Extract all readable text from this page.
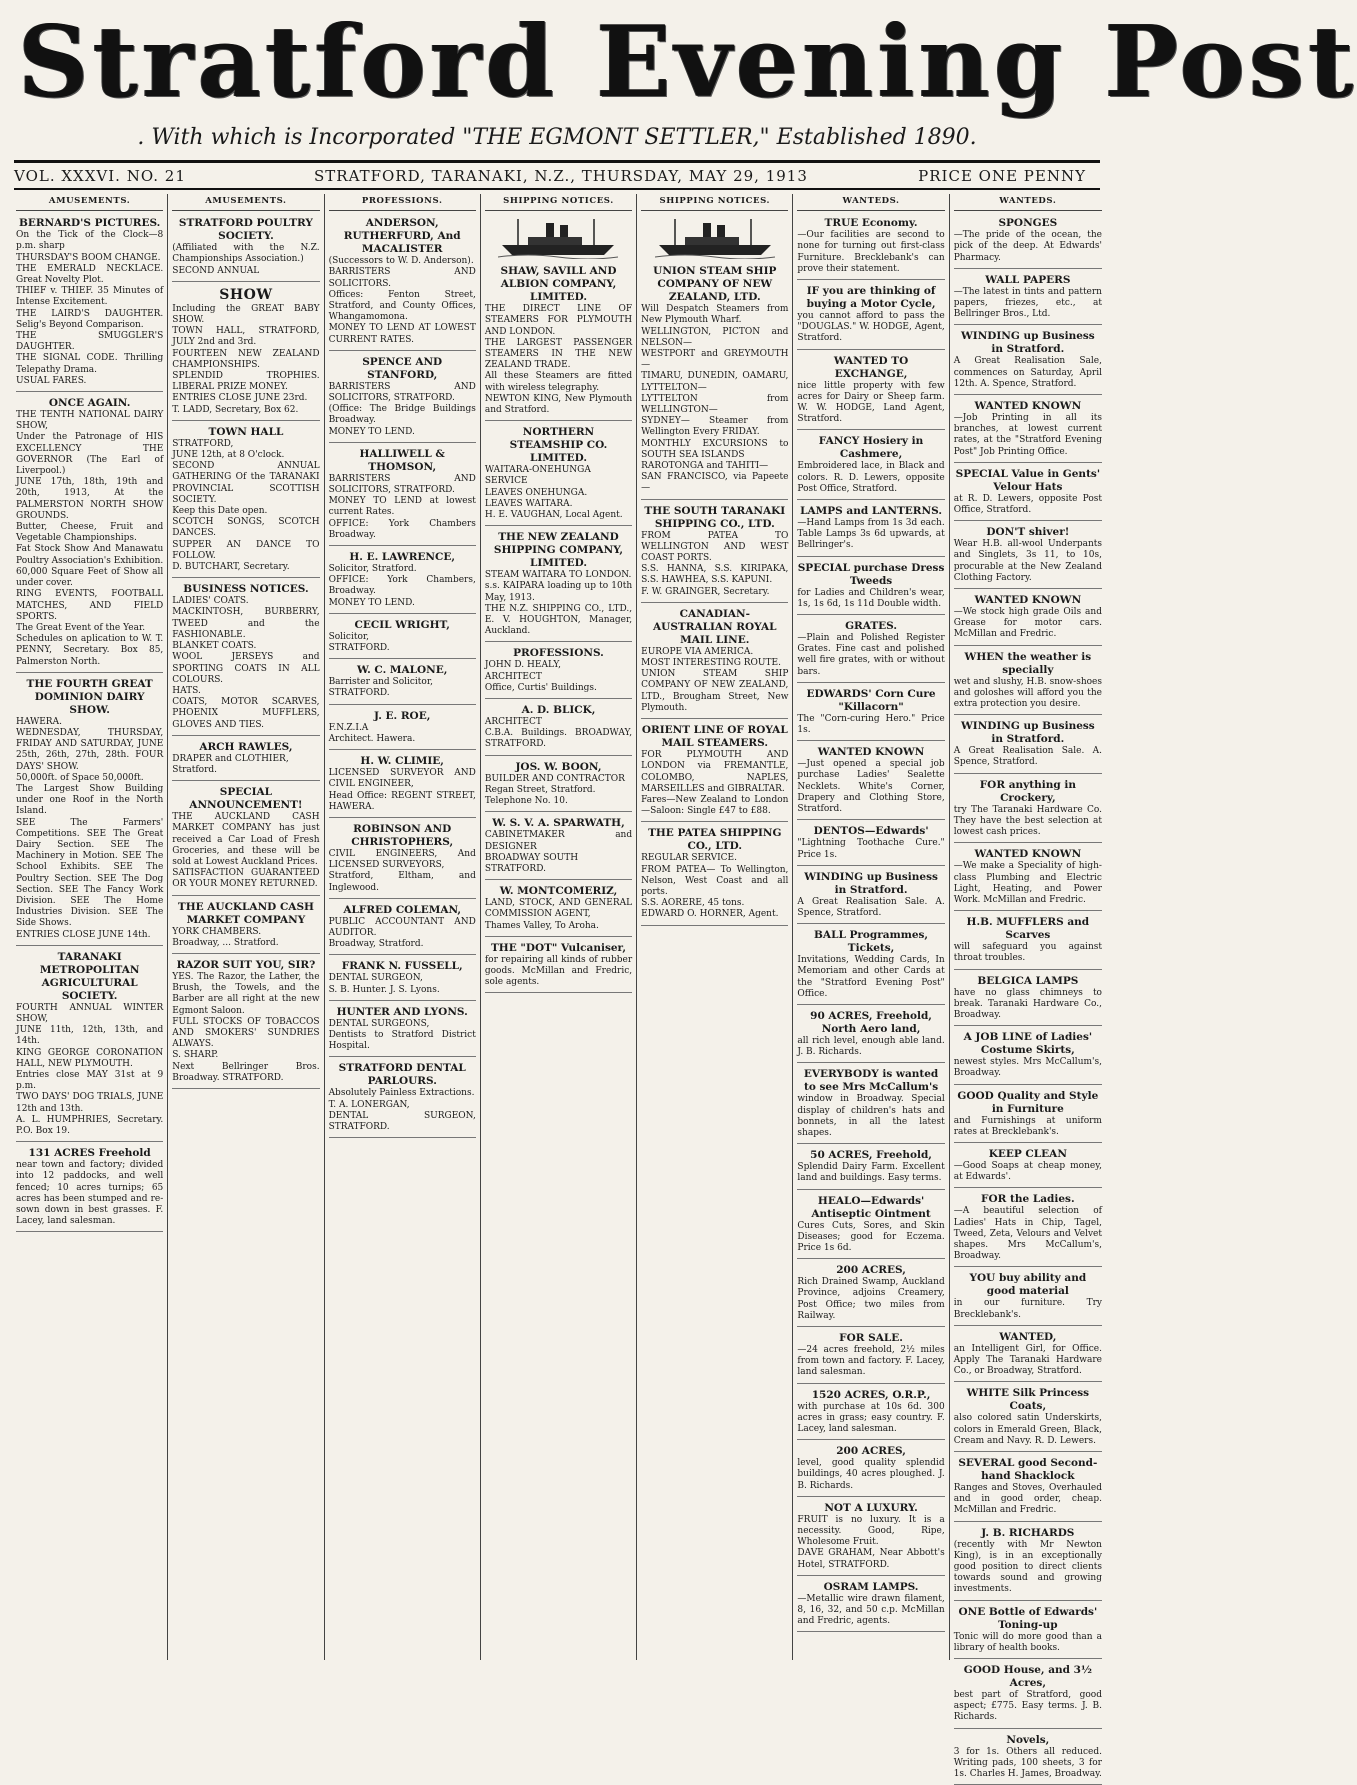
Stratford Evening Post
. With which is Incorporated "THE EGMONT SETTLER," Established 1890.
VOL. XXXVI. NO. 21	STRATFORD, TARANAKI, N.Z., THURSDAY, MAY 29, 1913	PRICE ONE PENNY
AMUSEMENTS.
BERNARD'S PICTURES.

On the Tick of the Clock—8 p.m. sharp

THURSDAY'S BOOM CHANGE.

THE EMERALD NECKLACE. Great Novelty Plot.

THIEF v. THIEF. 35 Minutes of Intense Excitement.

THE LAIRD'S DAUGHTER. Selig's Beyond Comparison.

THE SMUGGLER'S DAUGHTER.

THE SIGNAL CODE. Thrilling Telepathy Drama.

USUAL FARES.

ONCE AGAIN.

THE TENTH NATIONAL DAIRY SHOW,

Under the Patronage of HIS EXCELLENCY THE GOVERNOR (The Earl of Liverpool.)

JUNE 17th, 18th, 19th and 20th, 1913, At the PALMERSTON NORTH SHOW GROUNDS.

Butter, Cheese, Fruit and Vegetable Championships.

Fat Stock Show And Manawatu Poultry Association's Exhibition.

60,000 Square Feet of Show all under cover.

RING EVENTS, FOOTBALL MATCHES, AND FIELD SPORTS.

The Great Event of the Year.

Schedules on aplication to W. T. PENNY, Secretary. Box 85, Palmerston North.

THE FOURTH GREAT DOMINION DAIRY SHOW.

HAWERA.

WEDNESDAY, THURSDAY, FRIDAY AND SATURDAY, JUNE 25th, 26th, 27th, 28th. FOUR DAYS' SHOW.

50,000ft. of Space 50,000ft.

The Largest Show Building under one Roof in the North Island.

SEE The Farmers' Competitions. SEE The Great Dairy Section. SEE The Machinery in Motion. SEE The School Exhibits. SEE The Poultry Section. SEE The Dog Section. SEE The Fancy Work Division. SEE The Home Industries Division. SEE The Side Shows.

ENTRIES CLOSE JUNE 14th.

TARANAKI METROPOLITAN AGRICULTURAL SOCIETY.

FOURTH ANNUAL WINTER SHOW,

JUNE 11th, 12th, 13th, and 14th.

KING GEORGE CORONATION HALL, NEW PLYMOUTH.

Entries close MAY 31st at 9 p.m.

TWO DAYS' DOG TRIALS, JUNE 12th and 13th.

A. L. HUMPHRIES, Secretary. P.O. Box 19.

131 ACRES Freehold

near town and factory; divided into 12 paddocks, and well fenced; 10 acres turnips; 65 acres has been stumped and re-sown down in best grasses. F. Lacey, land salesman.

AMUSEMENTS.
STRATFORD POULTRY SOCIETY.

(Affiliated with the N.Z. Championships Association.)

SECOND ANNUAL

SHOW

Including the GREAT BABY SHOW.

TOWN HALL, STRATFORD, JULY 2nd and 3rd.

FOURTEEN NEW ZEALAND CHAMPIONSHIPS.

SPLENDID TROPHIES. LIBERAL PRIZE MONEY.

ENTRIES CLOSE JUNE 23rd.

T. LADD, Secretary, Box 62.

TOWN HALL

STRATFORD,

JUNE 12th, at 8 O'clock.

SECOND ANNUAL GATHERING Of the TARANAKI PROVINCIAL SCOTTISH SOCIETY.

Keep this Date open.

SCOTCH SONGS, SCOTCH DANCES.

SUPPER AN DANCE TO FOLLOW.

D. BUTCHART, Secretary.

BUSINESS NOTICES.

LADIES' COATS.

MACKINTOSH, BURBERRY, TWEED and the FASHIONABLE.

BLANKET COATS.

WOOL JERSEYS and SPORTING COATS IN ALL COLOURS.

HATS.

COATS, MOTOR SCARVES, PHOENIX MUFFLERS, GLOVES AND TIES.

ARCH RAWLES,

DRAPER and CLOTHIER,

Stratford.

SPECIAL ANNOUNCEMENT!

THE AUCKLAND CASH MARKET COMPANY has just received a Car Load of Fresh Groceries, and these will be sold at Lowest Auckland Prices.

SATISFACTION GUARANTEED OR YOUR MONEY RETURNED.

THE AUCKLAND CASH MARKET COMPANY

YORK CHAMBERS.

Broadway, ... Stratford.

RAZOR SUIT YOU, SIR?

YES. The Razor, the Lather, the Brush, the Towels, and the Barber are all right at the new Egmont Saloon.

FULL STOCKS OF TOBACCOS AND SMOKERS' SUNDRIES ALWAYS.

S. SHARP.

Next Bellringer Bros. Broadway. STRATFORD.

PROFESSIONS.
ANDERSON, RUTHERFURD, And MACALISTER

(Successors to W. D. Anderson).

BARRISTERS AND SOLICITORS.

Offices: Fenton Street, Stratford, and County Offices, Whangamomona.

MONEY TO LEND AT LOWEST CURRENT RATES.

SPENCE AND STANFORD,

BARRISTERS AND SOLICITORS, STRATFORD.

(Office: The Bridge Buildings Broadway.

MONEY TO LEND.

HALLIWELL & THOMSON,

BARRISTERS AND SOLICITORS, STRATFORD.

MONEY TO LEND at lowest current Rates.

OFFICE: York Chambers Broadway.

H. E. LAWRENCE,

Solicitor, Stratford.

OFFICE: York Chambers, Broadway.

MONEY TO LEND.

CECIL WRIGHT,

Solicitor,

STRATFORD.

W. C. MALONE,

Barrister and Solicitor,

STRATFORD.

J. E. ROE,

F.N.Z.I.A

Architect. Hawera.

H. W. CLIMIE,

LICENSED SURVEYOR AND CIVIL ENGINEER,

Head Office: REGENT STREET, HAWERA.

ROBINSON AND CHRISTOPHERS,

CIVIL ENGINEERS, And LICENSED SURVEYORS,

Stratford, Eltham, and Inglewood.

ALFRED COLEMAN,

PUBLIC ACCOUNTANT AND AUDITOR.

Broadway, Stratford.

FRANK N. FUSSELL,

DENTAL SURGEON,

S. B. Hunter. J. S. Lyons.

HUNTER AND LYONS.

DENTAL SURGEONS,

Dentists to Stratford District Hospital.

STRATFORD DENTAL PARLOURS.

Absolutely Painless Extractions.

T. A. LONERGAN,

DENTAL SURGEON, STRATFORD.

SHIPPING NOTICES.
SHAW, SAVILL AND ALBION COMPANY, LIMITED.

THE DIRECT LINE OF STEAMERS FOR PLYMOUTH AND LONDON.

THE LARGEST PASSENGER STEAMERS IN THE NEW ZEALAND TRADE.

All these Steamers are fitted with wireless telegraphy.

NEWTON KING, New Plymouth and Stratford.

NORTHERN STEAMSHIP CO. LIMITED.

WAITARA-ONEHUNGA SERVICE

LEAVES ONEHUNGA.

LEAVES WAITARA.

H. E. VAUGHAN, Local Agent.

THE NEW ZEALAND SHIPPING COMPANY, LIMITED.

STEAM WAITARA TO LONDON.

s.s. KAIPARA loading up to 10th May, 1913.

THE N.Z. SHIPPING CO., LTD., E. V. HOUGHTON, Manager, Auckland.

PROFESSIONS.

JOHN D. HEALY,

ARCHITECT

Office, Curtis' Buildings.

A. D. BLICK,

ARCHITECT

C.B.A. Buildings. BROADWAY, STRATFORD.

JOS. W. BOON,

BUILDER AND CONTRACTOR

Regan Street, Stratford.

Telephone No. 10.

W. S. V. A. SPARWATH,

CABINETMAKER and DESIGNER

BROADWAY SOUTH

STRATFORD.

W. MONTCOMERIZ,

LAND, STOCK, AND GENERAL COMMISSION AGENT,

Thames Valley, To Aroha.

THE "DOT" Vulcaniser,

for repairing all kinds of rubber goods. McMillan and Fredric, sole agents.

SHIPPING NOTICES.
UNION STEAM SHIP COMPANY OF NEW ZEALAND, LTD.

Will Despatch Steamers from New Plymouth Wharf.

WELLINGTON, PICTON and NELSON—

WESTPORT and GREYMOUTH—

TIMARU, DUNEDIN, OAMARU, LYTTELTON—

LYTTELTON from WELLINGTON—

SYDNEY— Steamer from Wellington Every FRIDAY.

MONTHLY EXCURSIONS to SOUTH SEA ISLANDS

RAROTONGA and TAHITI—

SAN FRANCISCO, via Papeete—

THE SOUTH TARANAKI SHIPPING CO., LTD.

FROM PATEA TO WELLINGTON AND WEST COAST PORTS.

S.S. HANNA, S.S. KIRIPAKA, S.S. HAWHEA, S.S. KAPUNI.

F. W. GRAINGER, Secretary.

CANADIAN-AUSTRALIAN ROYAL MAIL LINE.

EUROPE VIA AMERICA.

MOST INTERESTING ROUTE.

UNION STEAM SHIP COMPANY OF NEW ZEALAND, LTD., Brougham Street, New Plymouth.

ORIENT LINE OF ROYAL MAIL STEAMERS.

FOR PLYMOUTH AND LONDON via FREMANTLE, COLOMBO, NAPLES, MARSEILLES and GIBRALTAR.

Fares—New Zealand to London—Saloon: Single £47 to £88.

THE PATEA SHIPPING CO., LTD.

REGULAR SERVICE.

FROM PATEA— To Wellington, Nelson, West Coast and all ports.

S.S. AORERE, 45 tons.

EDWARD O. HORNER, Agent.

WANTEDS.
TRUE Economy.

—Our facilities are second to none for turning out first-class Furniture. Brecklebank's can prove their statement.

IF you are thinking of buying a Motor Cycle,

you cannot afford to pass the "DOUGLAS." W. HODGE, Agent, Stratford.

WANTED TO EXCHANGE,

nice little property with few acres for Dairy or Sheep farm. W. W. HODGE, Land Agent, Stratford.

FANCY Hosiery in Cashmere,

Embroidered lace, in Black and colors. R. D. Lewers, opposite Post Office, Stratford.

LAMPS and LANTERNS.

—Hand Lamps from 1s 3d each. Table Lamps 3s 6d upwards, at Bellringer's.

SPECIAL purchase Dress Tweeds

for Ladies and Children's wear, 1s, 1s 6d, 1s 11d Double width.

GRATES.

—Plain and Polished Register Grates. Fine cast and polished well fire grates, with or without bars.

EDWARDS' Corn Cure "Killacorn"

The "Corn-curing Hero." Price 1s.

WANTED KNOWN

—Just opened a special job purchase Ladies' Sealette Necklets. White's Corner, Drapery and Clothing Store, Stratford.

DENTOS—Edwards'

"Lightning Toothache Cure." Price 1s.

WINDING up Business in Stratford.

A Great Realisation Sale. A. Spence, Stratford.

BALL Programmes, Tickets,

Invitations, Wedding Cards, In Memoriam and other Cards at the "Stratford Evening Post" Office.

90 ACRES, Freehold, North Aero land,

all rich level, enough able land. J. B. Richards.

EVERYBODY is wanted to see Mrs McCallum's

window in Broadway. Special display of children's hats and bonnets, in all the latest shapes.

50 ACRES, Freehold,

Splendid Dairy Farm. Excellent land and buildings. Easy terms.

HEALO—Edwards' Antiseptic Ointment

Cures Cuts, Sores, and Skin Diseases; good for Eczema. Price 1s 6d.

200 ACRES,

Rich Drained Swamp, Auckland Province, adjoins Creamery, Post Office; two miles from Railway.

FOR SALE.

—24 acres freehold, 2½ miles from town and factory. F. Lacey, land salesman.

1520 ACRES, O.R.P.,

with purchase at 10s 6d. 300 acres in grass; easy country. F. Lacey, land salesman.

200 ACRES,

level, good quality splendid buildings, 40 acres ploughed. J. B. Richards.

NOT A LUXURY.

FRUIT is no luxury. It is a necessity. Good, Ripe, Wholesome Fruit.

DAVE GRAHAM, Near Abbott's Hotel, STRATFORD.

OSRAM LAMPS.

—Metallic wire drawn filament, 8, 16, 32, and 50 c.p. McMillan and Fredric, agents.

WANTEDS.
SPONGES

—The pride of the ocean, the pick of the deep. At Edwards' Pharmacy.

WALL PAPERS

—The latest in tints and pattern papers, friezes, etc., at Bellringer Bros., Ltd.

WINDING up Business in Stratford.

A Great Realisation Sale, commences on Saturday, April 12th. A. Spence, Stratford.

WANTED KNOWN

—Job Printing in all its branches, at lowest current rates, at the "Stratford Evening Post" Job Printing Office.

SPECIAL Value in Gents' Velour Hats

at R. D. Lewers, opposite Post Office, Stratford.

DON'T shiver!

Wear H.B. all-wool Underpants and Singlets, 3s 11, to 10s, procurable at the New Zealand Clothing Factory.

WANTED KNOWN

—We stock high grade Oils and Grease for motor cars. McMillan and Fredric.

WHEN the weather is specially

wet and slushy, H.B. snow-shoes and goloshes will afford you the extra protection you desire.

WINDING up Business in Stratford.

A Great Realisation Sale. A. Spence, Stratford.

FOR anything in Crockery,

try The Taranaki Hardware Co. They have the best selection at lowest cash prices.

WANTED KNOWN

—We make a Speciality of high-class Plumbing and Electric Light, Heating, and Power Work. McMillan and Fredric.

H.B. MUFFLERS and Scarves

will safeguard you against throat troubles.

BELGICA LAMPS

have no glass chimneys to break. Taranaki Hardware Co., Broadway.

A JOB LINE of Ladies' Costume Skirts,

newest styles. Mrs McCallum's, Broadway.

GOOD Quality and Style in Furniture

and Furnishings at uniform rates at Brecklebank's.

KEEP CLEAN

—Good Soaps at cheap money, at Edwards'.

FOR the Ladies.

—A beautiful selection of Ladies' Hats in Chip, Tagel, Tweed, Zeta, Velours and Velvet shapes. Mrs McCallum's, Broadway.

YOU buy ability and good material

in our furniture. Try Brecklebank's.

WANTED,

an Intelligent Girl, for Office. Apply The Taranaki Hardware Co., or Broadway, Stratford.

WHITE Silk Princess Coats,

also colored satin Underskirts, colors in Emerald Green, Black, Cream and Navy. R. D. Lewers.

SEVERAL good Second-hand Shacklock

Ranges and Stoves, Overhauled and in good order, cheap. McMillan and Fredric.

J. B. RICHARDS

(recently with Mr Newton King), is in an exceptionally good position to direct clients towards sound and growing investments.

ONE Bottle of Edwards' Toning-up

Tonic will do more good than a library of health books.

GOOD House, and 3½ Acres,

best part of Stratford, good aspect; £775. Easy terms. J. B. Richards.

Novels,

3 for 1s. Others all reduced. Writing pads, 100 sheets, 3 for 1s. Charles H. James, Broadway.
